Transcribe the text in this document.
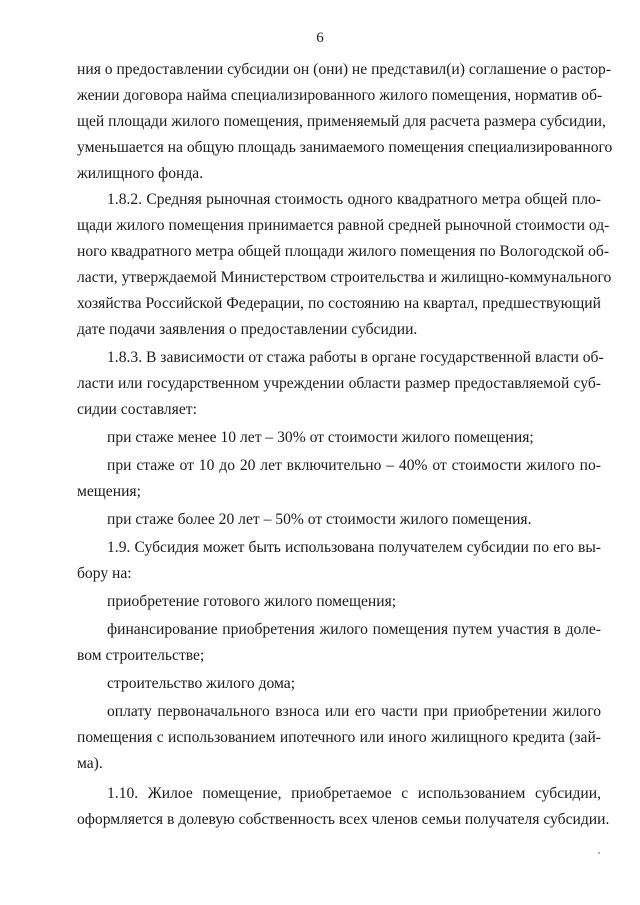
6
ния о предоставлении субсидии он (они) не представил(и) соглашение о растор-
жении договора найма специализированного жилого помещения, норматив об-
щей площади жилого помещения, применяемый для расчета размера субсидии,
уменьшается на общую площадь занимаемого помещения специализированного
жилищного фонда.
1.8.2. Средняя рыночная стоимость одного квадратного метра общей пло-
щади жилого помещения принимается равной средней рыночной стоимости од-
ного квадратного метра общей площади жилого помещения по Вологодской об-
ласти, утверждаемой Министерством строительства и жилищно-коммунального
хозяйства Российской Федерации, по состоянию на квартал, предшествующий
дате подачи заявления о предоставлении субсидии.
1.8.3. В зависимости от стажа работы в органе государственной власти об-
ласти или государственном учреждении области размер предоставляемой суб-
сидии составляет:
при стаже менее 10 лет – 30% от стоимости жилого помещения;
при стаже от 10 до 20 лет включительно – 40% от стоимости жилого по-
мещения;
при стаже более 20 лет – 50% от стоимости жилого помещения.
1.9. Субсидия может быть использована получателем субсидии по его вы-
бору на:
приобретение готового жилого помещения;
финансирование приобретения жилого помещения путем участия в доле-
вом строительстве;
строительство жилого дома;
оплату первоначального взноса или его части при приобретении жилого
помещения с использованием ипотечного или иного жилищного кредита (зай-
ма).
1.10. Жилое помещение, приобретаемое с использованием субсидии,
оформляется в долевую собственность всех членов семьи получателя субсидии.
